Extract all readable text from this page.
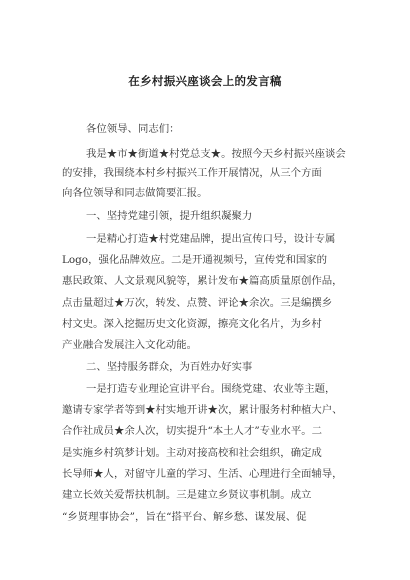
在乡村振兴座谈会上的发言稿
各位领导、同志们：
我是★市★街道★村党总支★。按照今天乡村振兴座谈会
的安排，我围绕本村乡村振兴工作开展情况，从三个方面
向各位领导和同志做简要汇报。
一、坚持党建引领，提升组织凝聚力
一是精心打造★村党建品牌，提出宣传口号，设计专属
Logo，强化品牌效应。二是开通视频号，宣传党和国家的
惠民政策、人文景观风貌等，累计发布★篇高质量原创作品，
点击量超过★万次，转发、点赞、评论★余次。三是编撰乡
村文史。深入挖掘历史文化资源，擦亮文化名片，为乡村
产业融合发展注入文化动能。
二、坚持服务群众，为百姓办好实事
一是打造专业理论宣讲平台。围绕党建、农业等主题，
邀请专家学者等到★村实地开讲★次，累计服务村种植大户、
合作社成员★余人次，切实提升“本土人才”专业水平。二
是实施乡村筑梦计划。主动对接高校和社会组织，确定成
长导师★人，对留守儿童的学习、生活、心理进行全面辅导，
建立长效关爱帮扶机制。三是建立乡贤议事机制。成立
“乡贤理事协会”，旨在“搭平台、解乡愁、谋发展、促
